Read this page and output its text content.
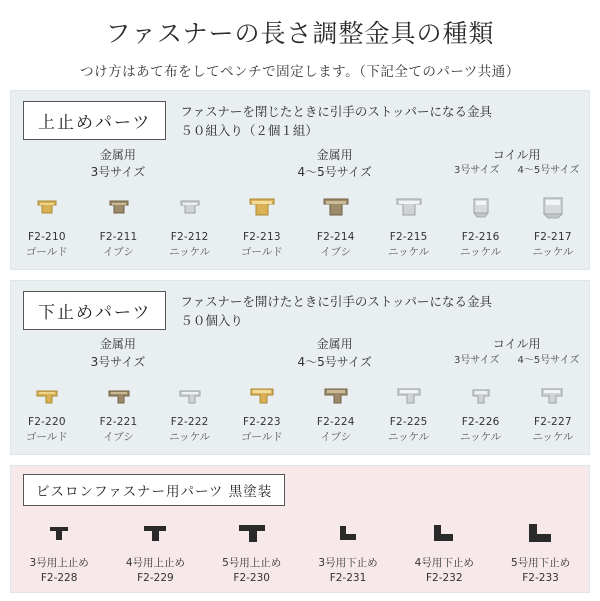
ファスナーの長さ調整金具の種類
つけ方はあて布をしてペンチで固定します。（下記全てのパーツ共通）
上止めパーツ
ファスナーを閉じたときに引手のストッパーになる金具
５０組入り（２個１組）
金属用
3号サイズ
金属用
4〜5号サイズ
コイル用
3号サイズ 4〜5号サイズ
F2-210
ゴールド
F2-211
イブシ
F2-212
ニッケル
F2-213
ゴールド
F2-214
イブシ
F2-215
ニッケル
F2-216
ニッケル
F2-217
ニッケル
下止めパーツ
ファスナーを開けたときに引手のストッパーになる金具
５０個入り
金属用
3号サイズ
金属用
4〜5号サイズ
コイル用
3号サイズ 4〜5号サイズ
F2-220
ゴールド
F2-221
イブシ
F2-222
ニッケル
F2-223
ゴールド
F2-224
イブシ
F2-225
ニッケル
F2-226
ニッケル
F2-227
ニッケル
ビスロンファスナー用パーツ 黒塗装
3号用上止め
F2-228
4号用上止め
F2-229
5号用上止め
F2-230
3号用下止め
F2-231
4号用下止め
F2-232
5号用下止め
F2-233
